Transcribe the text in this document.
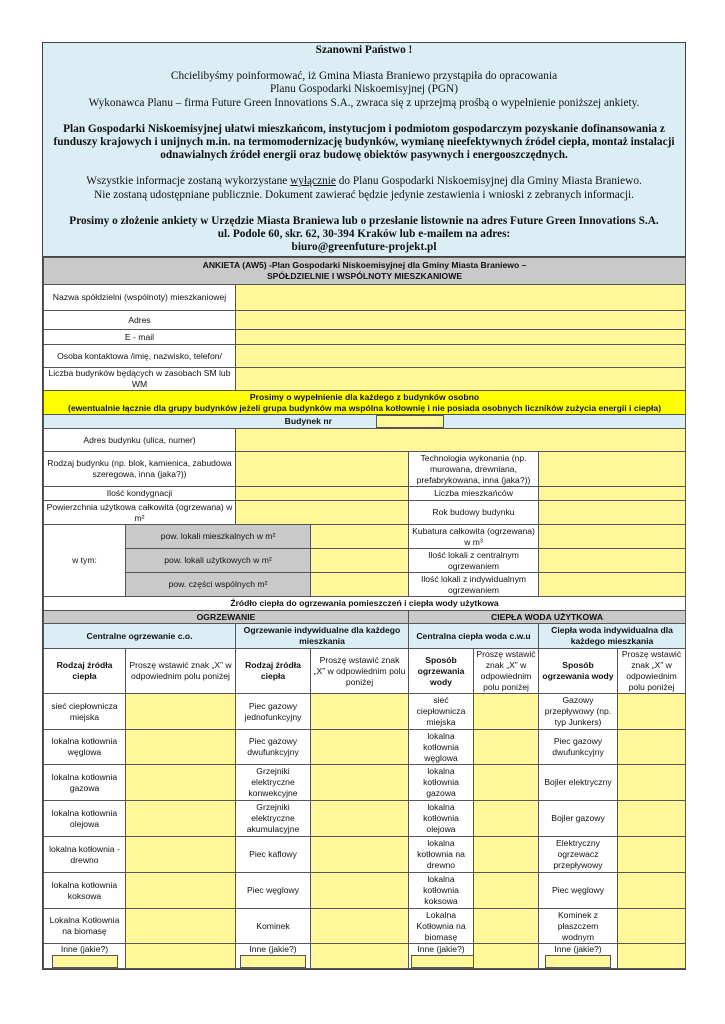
Szanowni Państwo !

Chcielibyśmy poinformować, iż Gmina Miasta Braniewo przystąpiła do opracowania

Planu Gospodarki Niskoemisyjnej (PGN)

Wykonawca Planu – firma Future Green Innovations S.A., zwraca się z uprzejmą prośbą o wypełnienie poniższej ankiety.

Plan Gospodarki Niskoemisyjnej ułatwi mieszkańcom, instytucjom i podmiotom gospodarczym pozyskanie dofinansowania z funduszy krajowych i unijnych m.in. na termomodernizację budynków, wymianę nieefektywnych źródeł ciepła, montaż instalacji odnawialnych źródeł energii oraz budowę obiektów pasywnych i energooszczędnych.

Wszystkie informacje zostaną wykorzystane wyłącznie do Planu Gospodarki Niskoemisyjnej dla Gminy Miasta Braniewo.

Nie zostaną udostępniane publicznie. Dokument zawierać będzie jedynie zestawienia i wnioski z zebranych informacji.

Prosimy o złożenie ankiety w Urzędzie Miasta Braniewa lub o przesłanie listownie na adres Future Green Innovations S.A.

ul. Podole 60, skr. 62, 30-394 Kraków lub e-mailem na adres:

biuro@greenfuture-projekt.pl

ANKIETA (AW5) -Plan Gospodarki Niskoemisyjnej dla Gminy Miasta Braniewo –
SPÓŁDZIELNIE I WSPÓLNOTY MIESZKANIOWE							
Nazwa spółdzielni (wspólnoty) mieszkaniowej							
Adres							
E - mail							
Osoba kontaktowa /imię, nazwisko, telefon/							
Liczba budynków będących w zasobach SM lub WM							
Prosimy o wypełnienie dla każdego z budynków osobno
(ewentualnie łącznie dla grupy budynków jeżeli grupa budynków ma wspólna kotłownię i nie posiada osobnych liczników zużycia energii i ciepła)							
Budynek nr							
Adres budynku (ulica, numer)							
Rodzaj budynku (np. blok, kamienica, zabudowa szeregowa, inna (jaka?))				Technologia wykonania (np. murowana, drewniana, prefabrykowana, inna (jaka?))			
Ilość kondygnacji				Liczba mieszkańców			
Powierzchnia użytkowa całkowita (ogrzewana) w m²				Rok budowy budynku			
w tym:	pow. lokali mieszkalnych w m²			Kubatura całkowita (ogrzewana) w m³			
	pow. lokali użytkowych w m²			Ilość lokali z centralnym ogrzewaniem			
	pow. części wspólnych m²			Ilość lokali z indywidualnym ogrzewaniem			
Źródło ciepła do ogrzewania pomieszczeń i ciepła wody użytkowa							
OGRZEWANIE				CIEPŁA WODA UŻYTKOWA			
Centralne ogrzewanie c.o.		Ogrzewanie indywidualne dla każdego mieszkania		Centralna ciepła woda c.w.u		Ciepła woda indywidualna dla każdego mieszkania	
Rodzaj źródła ciepła	Proszę wstawić znak „X” w odpowiednim polu poniżej	Rodzaj źródła ciepła	Proszę wstawić znak „X” w odpowiednim polu poniżej	Sposób ogrzewania wody	Proszę wstawić znak „X” w odpowiednim polu poniżej	Sposób ogrzewania wody	Proszę wstawić znak „X” w odpowiednim polu poniżej
sieć ciepłownicza miejska		Piec gazowy jednofunkcyjny		sieć ciepłownicza miejska		Gazowy przepływowy (np. typ Junkers)	
lokalna kotłownia węglowa		Piec gazowy dwufunkcyjny		lokalna kotłownia węglowa		Piec gazowy dwufunkcyjny	
lokalna kotłownia gazowa		Grzejniki elektryczne konwekcyjne		lokalna kotłownia gazowa		Bojler elektryczny	
lokalna kotłownia olejowa		Grzejniki elektryczne akumulacyjne		lokalna kotłownia olejowa		Bojler gazowy	
lokalna kotłownia -drewno		Piec kaflowy		lokalna kotłownia na drewno		Elektryczny ogrzewacz przepływowy	
lokalna kotłownia koksowa		Piec węglowy		lokalna kotłownia koksowa		Piec węglowy	
Lokalna Kotłownia na biomasę		Kominek		Lokalna Kotłownia na biomasę		Kominek z płaszczem wodnym	
Inne (jakie?)		Inne (jakie?)		Inne (jakie?)		Inne (jakie?)
